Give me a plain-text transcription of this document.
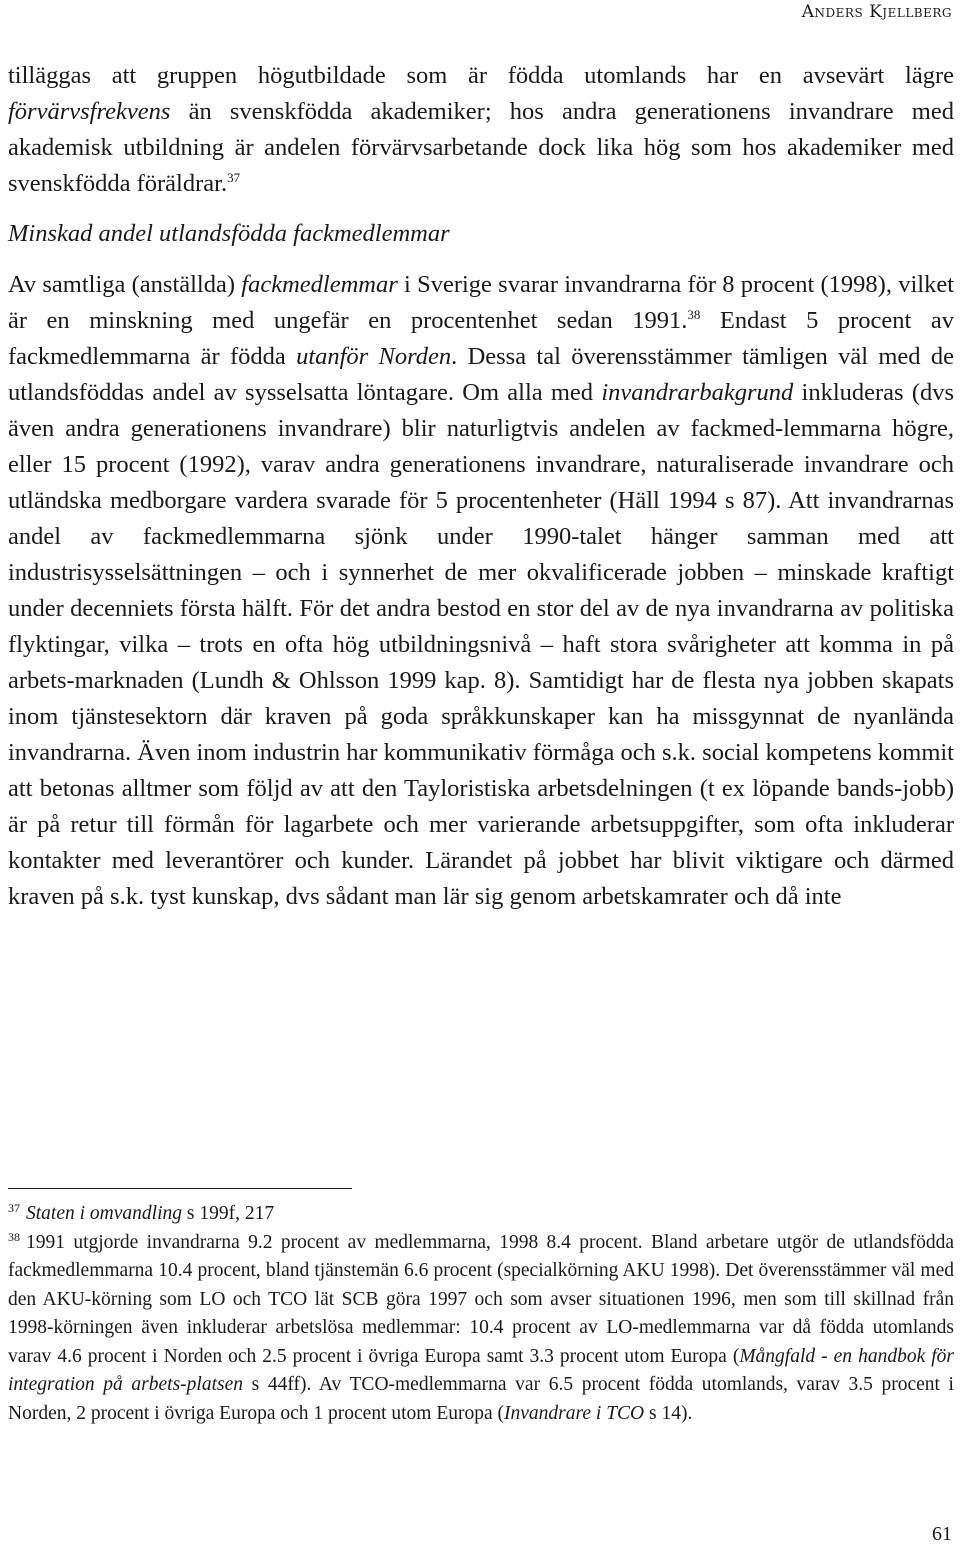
Anders Kjellberg

tilläggas att gruppen högutbildade som är födda utomlands har en avsevärt lägre förvärvsfrekvens än svenskfödda akademiker; hos andra generationens invandrare med akademisk utbildning är andelen förvärvsarbetande dock lika hög som hos akademiker med svenskfödda föräldrar.$^{37}$

Minskad andel utlandsfödda fackmedlemmar

Av samtliga (anställda) fackmedlemmar i Sverige svarar invandrarna för 8 procent (1998), vilket är en minskning med ungefär en procentenhet sedan 1991.38 Endast 5 procent av fackmedlemmarna är födda utanför Norden. Dessa tal överensstämmer tämligen väl med de utlandsföddas andel av sysselsatta löntagare. Om alla med invandrarbakgrund inkluderas (dvs även andra generationens invandrare) blir naturligtvis andelen av fackmed-lemmarna högre, eller 15 procent (1992), varav andra generationens invandrare, naturaliserade invandrare och utländska medborgare vardera svarade för 5 procentenheter (Häll 1994 s 87). Att invandrarnas andel av fackmedlemmarna sjönk under 1990-talet hänger samman med att industrisysselsättningen – och i synnerhet de mer okvalificerade jobben – minskade kraftigt under decenniets första hälft. För det andra bestod en stor del av de nya invandrarna av politiska flyktingar, vilka – trots en ofta hög utbildningsnivå – haft stora svårigheter att komma in på arbets-marknaden (Lundh & Ohlsson 1999 kap. 8). Samtidigt har de flesta nya jobben skapats inom tjänstesektorn där kraven på goda språkkunskaper kan ha missgynnat de nyanlända invandrarna. Även inom industrin har kommunikativ förmåga och s.k. social kompetens kommit att betonas alltmer som följd av att den Tayloristiska arbetsdelningen (t ex löpande bands-jobb) är på retur till förmån för lagarbete och mer varierande arbetsuppgifter, som ofta inkluderar kontakter med leverantörer och kunder. Lärandet på jobbet har blivit viktigare och därmed kraven på s.k. tyst kunskap, dvs sådant man lär sig genom arbetskamrater och då inte

$^{37}$ Staten i omvandling s 199f, 217

$^{38}$ 1991 utgjorde invandrarna 9.2 procent av medlemmarna, 1998 8.4 procent. Bland arbetare utgör de utlandsfödda fackmedlemmarna 10.4 procent, bland tjänstemän 6.6 procent (specialkörning AKU 1998). Det överensstämmer väl med den AKU-körning som LO och TCO lät SCB göra 1997 och som avser situationen 1996, men som till skillnad från 1998-körningen även inkluderar arbetslösa medlemmar: 10.4 procent av LO-medlemmarna var då födda utomlands varav 4.6 procent i Norden och 2.5 procent i övriga Europa samt 3.3 procent utom Europa (Mångfald - en handbok för integration på arbets-platsen s 44ff). Av TCO-medlemmarna var 6.5 procent födda utomlands, varav 3.5 procent i Norden, 2 procent i övriga Europa och 1 procent utom Europa (Invandrare i TCO s 14).

61
